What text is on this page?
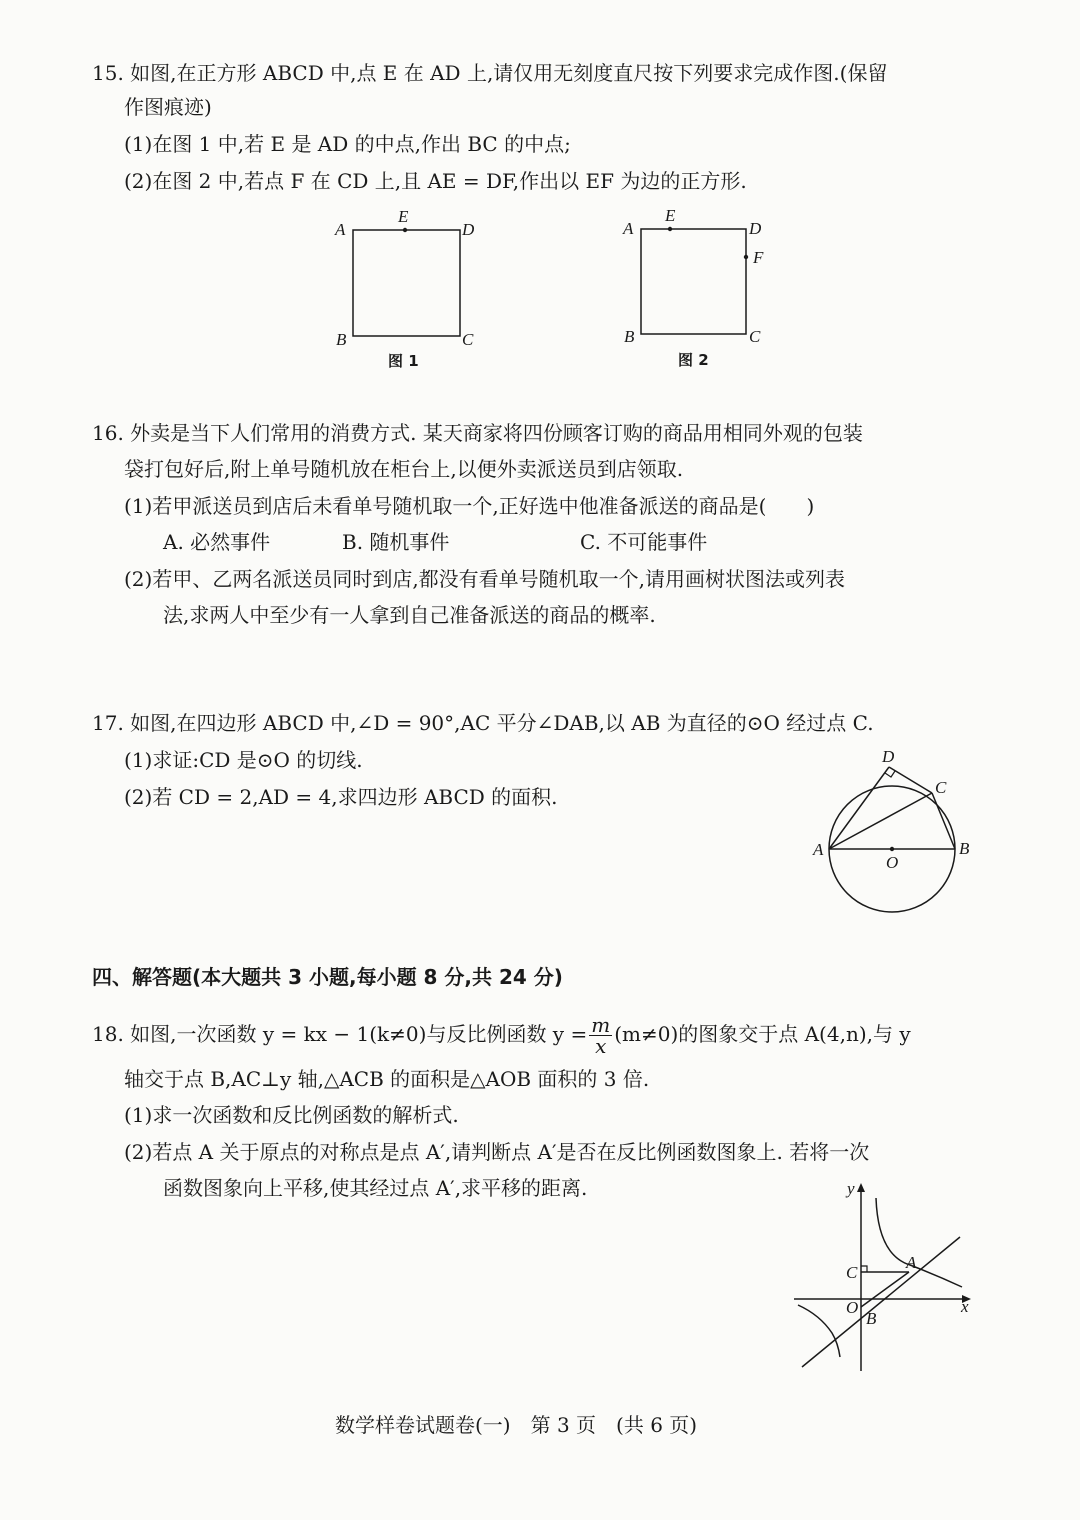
15. 如图,在正方形 ABCD 中,点 E 在 AD 上,请仅用无刻度直尺按下列要求完成作图.(保留
作图痕迹)
(1)在图 1 中,若 E 是 AD 的中点,作出 BC 的中点;
(2)在图 2 中,若点 F 在 CD 上,且 AE = DF,作出以 EF 为边的正方形.
A
E
D
B	C
图 1
A
E
D
F
B	C
图 2
16. 外卖是当下人们常用的消费方式. 某天商家将四份顾客订购的商品用相同外观的包装
袋打包好后,附上单号随机放在柜台上,以便外卖派送员到店领取.
(1)若甲派送员到店后未看单号随机取一个,正好选中他准备派送的商品是(　　)
A. 必然事件	B. 随机事件	C. 不可能事件
(2)若甲、乙两名派送员同时到店,都没有看单号随机取一个,请用画树状图法或列表
法,求两人中至少有一人拿到自己准备派送的商品的概率.
17. 如图,在四边形 ABCD 中,∠D = 90°,AC 平分∠DAB,以 AB 为直径的⊙O 经过点 C.
(1)求证:CD 是⊙O 的切线.
(2)若 CD = 2,AD = 4,求四边形 ABCD 的面积.
D
C
A	B
O
四、解答题(本大题共 3 小题,每小题 8 分,共 24 分)
18. 如图,一次函数 y = kx − 1(k≠0)与反比例函数 $y = \frac{m}{x} (m\ne 0)$的图象交于点 A(4,n),与 y
轴交于点 B,AC⊥y 轴,△ACB 的面积是△AOB 面积的 3 倍.
(1)求一次函数和反比例函数的解析式.
(2)若点 A 关于原点的对称点是点 A′,请判断点 A′是否在反比例函数图象上. 若将一次
函数图象向上平移,使其经过点 A′,求平移的距离.	y
x
C
A
O
B
数学样卷试题卷(一)　第 3 页　(共 6 页)
